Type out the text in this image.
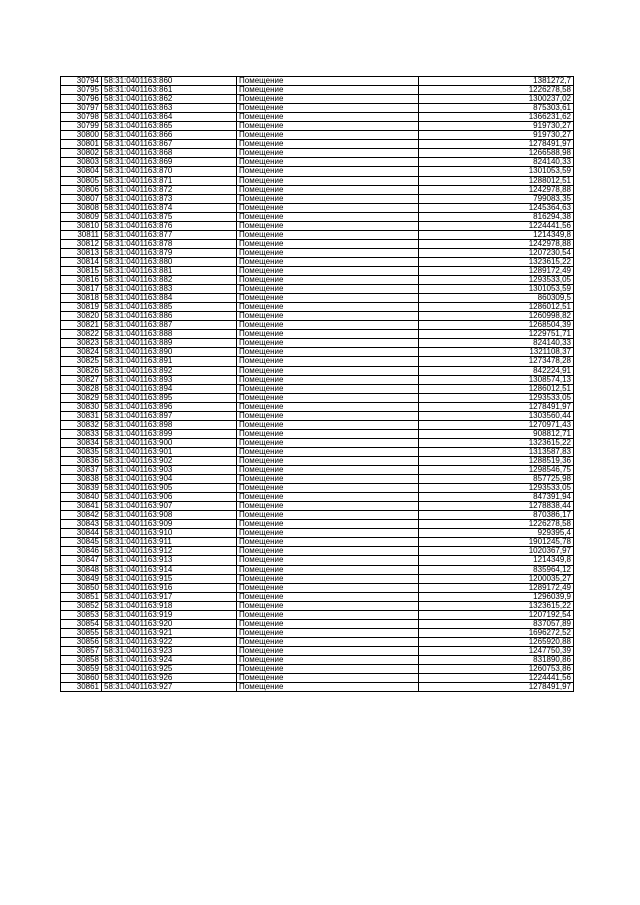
30794	58:31:0401163:860	Помещение	1381272,7
30795	58:31:0401163:861	Помещение	1226278,58
30796	58:31:0401163:862	Помещение	1300237,02
30797	58:31:0401163:863	Помещение	875303,61
30798	58:31:0401163:864	Помещение	1366231,62
30799	58:31:0401163:865	Помещение	919730,27
30800	58:31:0401163:866	Помещение	919730,27
30801	58:31:0401163:867	Помещение	1278491,97
30802	58:31:0401163:868	Помещение	1266588,98
30803	58:31:0401163:869	Помещение	824140,33
30804	58:31:0401163:870	Помещение	1301053,59
30805	58:31:0401163:871	Помещение	1288012,51
30806	58:31:0401163:872	Помещение	1242978,88
30807	58:31:0401163:873	Помещение	799083,35
30808	58:31:0401163:874	Помещение	1245364,63
30809	58:31:0401163:875	Помещение	816294,38
30810	58:31:0401163:876	Помещение	1224441,56
30811	58:31:0401163:877	Помещение	1214349,8
30812	58:31:0401163:878	Помещение	1242978,88
30813	58:31:0401163:879	Помещение	1207230,54
30814	58:31:0401163:880	Помещение	1323615,22
30815	58:31:0401163:881	Помещение	1289172,49
30816	58:31:0401163:882	Помещение	1293533,05
30817	58:31:0401163:883	Помещение	1301053,59
30818	58:31:0401163:884	Помещение	860309,5
30819	58:31:0401163:885	Помещение	1286012,51
30820	58:31:0401163:886	Помещение	1260998,82
30821	58:31:0401163:887	Помещение	1268504,39
30822	58:31:0401163:888	Помещение	1229751,71
30823	58:31:0401163:889	Помещение	824140,33
30824	58:31:0401163:890	Помещение	1321108,37
30825	58:31:0401163:891	Помещение	1273478,28
30826	58:31:0401163:892	Помещение	842224,91
30827	58:31:0401163:893	Помещение	1308574,13
30828	58:31:0401163:894	Помещение	1286012,51
30829	58:31:0401163:895	Помещение	1293533,05
30830	58:31:0401163:896	Помещение	1278491,97
30831	58:31:0401163:897	Помещение	1303560,44
30832	58:31:0401163:898	Помещение	1270971,43
30833	58:31:0401163:899	Помещение	908812,71
30834	58:31:0401163:900	Помещение	1323615,22
30835	58:31:0401163:901	Помещение	1313587,83
30836	58:31:0401163:902	Помещение	1288519,36
30837	58:31:0401163:903	Помещение	1298546,75
30838	58:31:0401163:904	Помещение	857725,98
30839	58:31:0401163:905	Помещение	1293533,05
30840	58:31:0401163:906	Помещение	847391,94
30841	58:31:0401163:907	Помещение	1278838,44
30842	58:31:0401163:908	Помещение	870386,17
30843	58:31:0401163:909	Помещение	1226278,58
30844	58:31:0401163:910	Помещение	929395,4
30845	58:31:0401163:911	Помещение	1901245,78
30846	58:31:0401163:912	Помещение	1020367,97
30847	58:31:0401163:913	Помещение	1214349,8
30848	58:31:0401163:914	Помещение	835964,12
30849	58:31:0401163:915	Помещение	1200035,27
30850	58:31:0401163:916	Помещение	1289172,49
30851	58:31:0401163:917	Помещение	1296039,9
30852	58:31:0401163:918	Помещение	1323615,22
30853	58:31:0401163:919	Помещение	1207192,54
30854	58:31:0401163:920	Помещение	837057,89
30855	58:31:0401163:921	Помещение	1696272,52
30856	58:31:0401163:922	Помещение	1265920,88
30857	58:31:0401163:923	Помещение	1247750,39
30858	58:31:0401163:924	Помещение	831890,86
30859	58:31:0401163:925	Помещение	1260753,86
30860	58:31:0401163:926	Помещение	1224441,56
30861	58:31:0401163:927	Помещение	1278491,97
